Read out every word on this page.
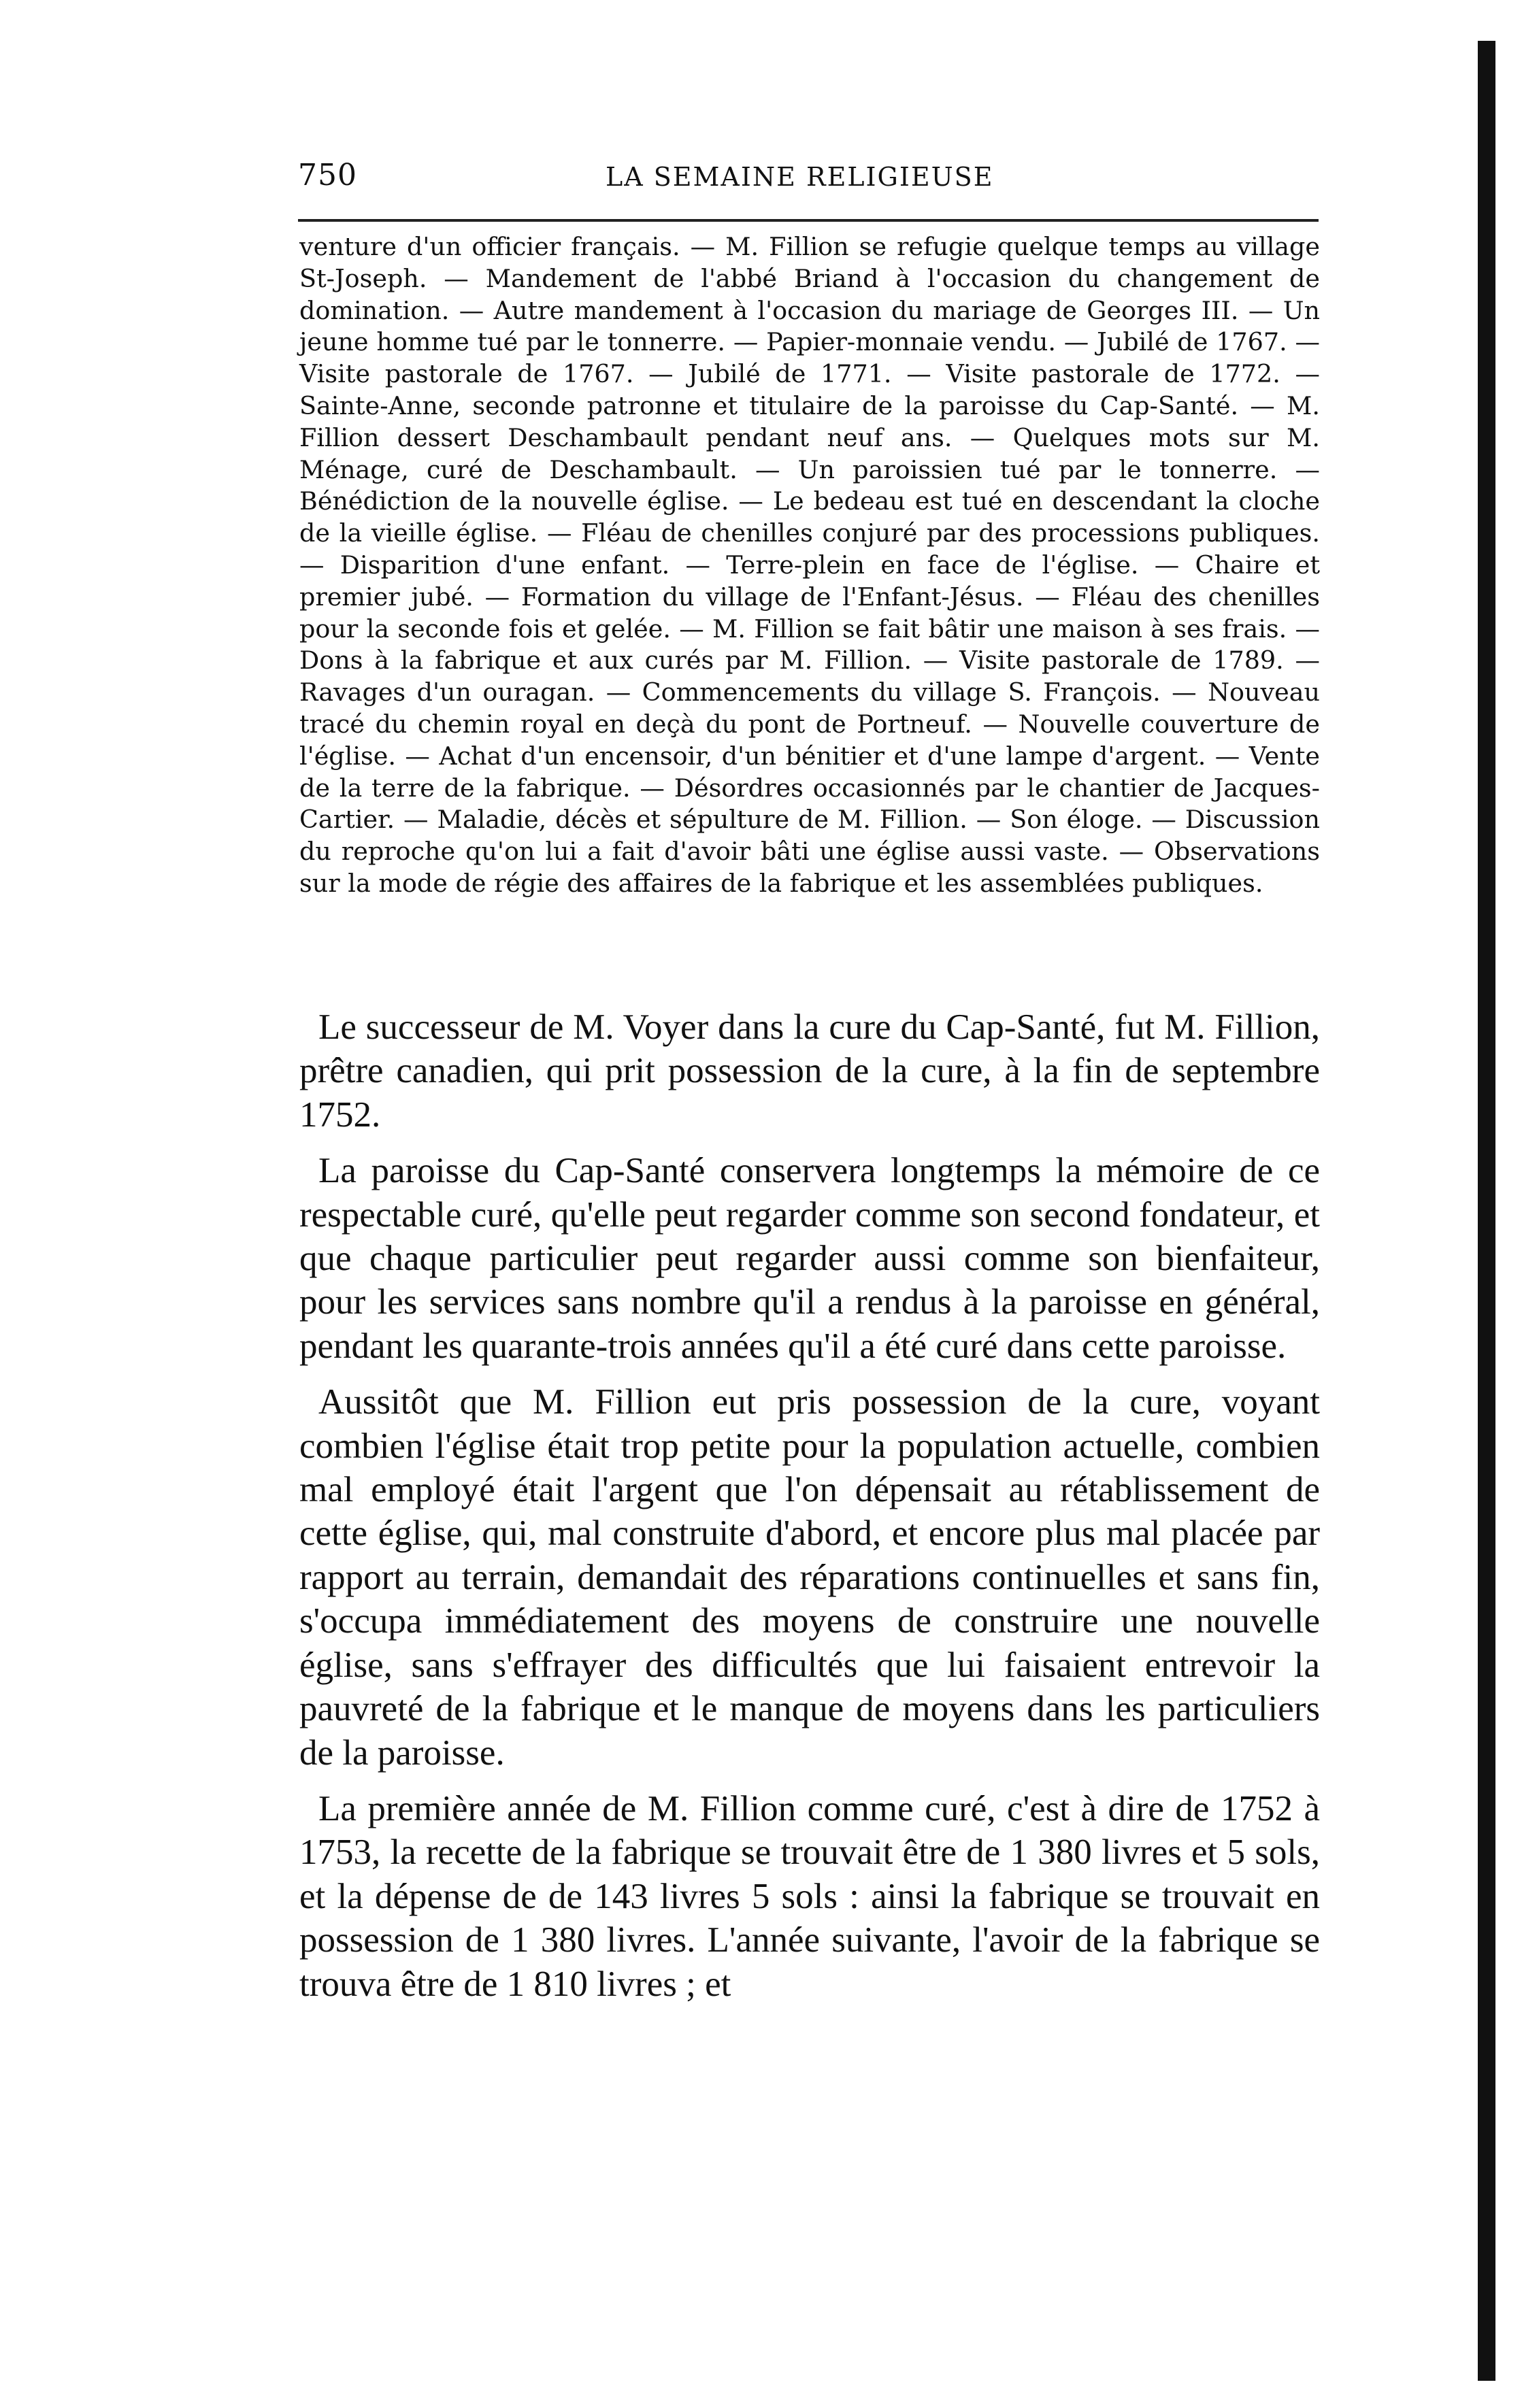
750	LA SEMAINE RELIGIEUSE

venture d'un officier français. — M. Fillion se refugie quelque temps au village St-Joseph. — Mandement de l'abbé Briand à l'occasion du changement de domination. — Autre mandement à l'occasion du mariage de Georges III. — Un jeune homme tué par le tonnerre. — Papier-monnaie vendu. — Jubilé de 1767. — Visite pastorale de 1767. — Jubilé de 1771. — Visite pastorale de 1772. — Sainte-Anne, seconde patronne et titulaire de la paroisse du Cap-Santé. — M. Fillion dessert Deschambault pendant neuf ans. — Quelques mots sur M. Ménage, curé de Deschambault. — Un paroissien tué par le tonnerre. — Bénédiction de la nouvelle église. — Le bedeau est tué en descendant la cloche de la vieille église. — Fléau de chenilles conjuré par des processions publiques. — Disparition d'une enfant. — Terre-plein en face de l'église. — Chaire et premier jubé. — Formation du village de l'Enfant-Jésus. — Fléau des chenilles pour la seconde fois et gelée. — M. Fillion se fait bâtir une maison à ses frais. — Dons à la fabrique et aux curés par M. Fillion. — Visite pastorale de 1789. — Ravages d'un ouragan. — Commencements du village S. François. — Nouveau tracé du chemin royal en deçà du pont de Portneuf. — Nouvelle couverture de l'église. — Achat d'un encensoir, d'un bénitier et d'une lampe d'argent. — Vente de la terre de la fabrique. — Désordres occasionnés par le chantier de Jacques-Cartier. — Maladie, décès et sépulture de M. Fillion. — Son éloge. — Discussion du reproche qu'on lui a fait d'avoir bâti une église aussi vaste. — Observations sur la mode de régie des affaires de la fabrique et les assemblées publiques.

Le successeur de M. Voyer dans la cure du Cap-Santé, fut M. Fillion, prêtre canadien, qui prit possession de la cure, à la fin de septembre 1752.

La paroisse du Cap-Santé conservera longtemps la mémoire de ce respectable curé, qu'elle peut regarder comme son second fondateur, et que chaque particulier peut regarder aussi comme son bienfaiteur, pour les services sans nombre qu'il a rendus à la paroisse en général, pendant les quarante-trois années qu'il a été curé dans cette paroisse.

Aussitôt que M. Fillion eut pris possession de la cure, voyant combien l'église était trop petite pour la population actuelle, combien mal employé était l'argent que l'on dépensait au rétablissement de cette église, qui, mal construite d'abord, et encore plus mal placée par rapport au terrain, demandait des réparations continuelles et sans fin, s'occupa immédiatement des moyens de construire une nouvelle église, sans s'effrayer des difficultés que lui faisaient entrevoir la pauvreté de la fabrique et le manque de moyens dans les particuliers de la paroisse.

La première année de M. Fillion comme curé, c'est à dire de 1752 à 1753, la recette de la fabrique se trouvait être de 1 380 livres et 5 sols, et la dépense de de 143 livres 5 sols : ainsi la fabrique se trouvait en possession de 1 380 livres. L'année suivante, l'avoir de la fabrique se trouva être de 1 810 livres ; et
